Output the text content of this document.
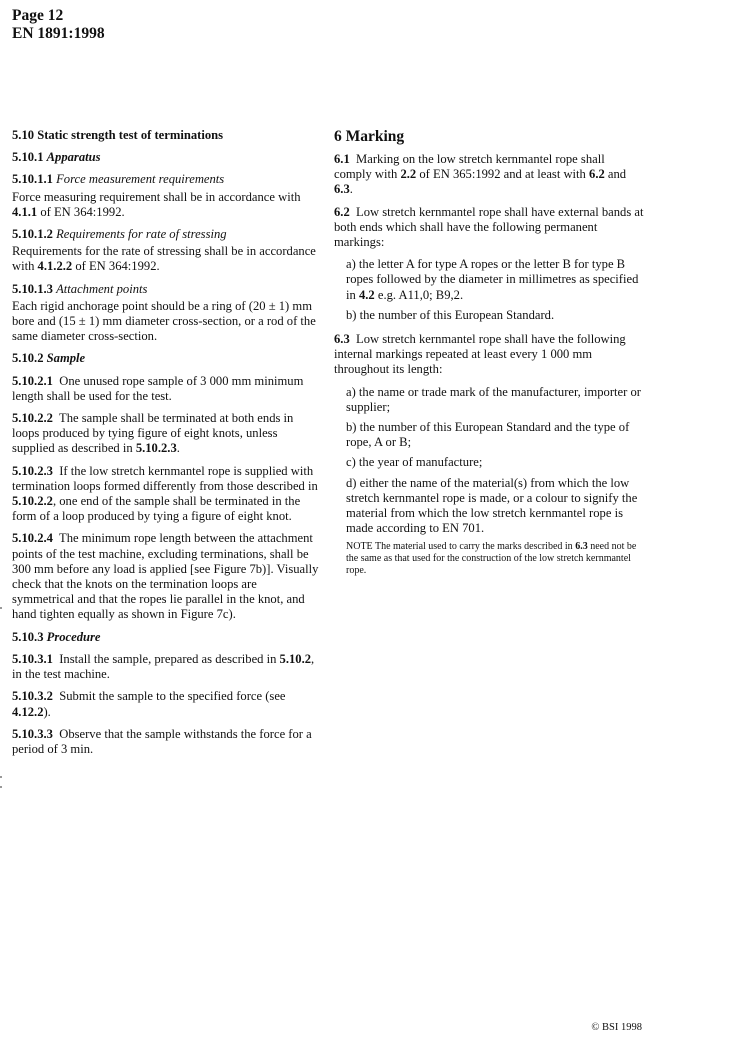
Page 12
EN 1891:1998
5.10 Static strength test of terminations
5.10.1 Apparatus

5.10.1.1 Force measurement requirements

Force measuring requirement shall be in accordance with 4.1.1 of EN 364:1992.

5.10.1.2 Requirements for rate of stressing

Requirements for the rate of stressing shall be in accordance with 4.1.2.2 of EN 364:1992.

5.10.1.3 Attachment points

Each rigid anchorage point should be a ring of (20 ± 1) mm bore and (15 ± 1) mm diameter cross-section, or a rod of the same diameter cross-section.

5.10.2 Sample

5.10.2.1 One unused rope sample of 3 000 mm minimum length shall be used for the test.

5.10.2.2 The sample shall be terminated at both ends in loops produced by tying figure of eight knots, unless supplied as described in 5.10.2.3.

5.10.2.3 If the low stretch kernmantel rope is supplied with termination loops formed differently from those described in 5.10.2.2, one end of the sample shall be terminated in the form of a loop produced by tying a figure of eight knot.

5.10.2.4 The minimum rope length between the attachment points of the test machine, excluding terminations, shall be 300 mm before any load is applied [see Figure 7b)]. Visually check that the knots on the termination loops are symmetrical and that the ropes lie parallel in the knot, and hand tighten equally as shown in Figure 7c).

5.10.3 Procedure

5.10.3.1 Install the sample, prepared as described in 5.10.2, in the test machine.

5.10.3.2 Submit the sample to the specified force (see 4.12.2).

5.10.3.3 Observe that the sample withstands the force for a period of 3 min.

6 Marking

6.1 Marking on the low stretch kernmantel rope shall comply with 2.2 of EN 365:1992 and at least with 6.2 and 6.3.

6.2 Low stretch kernmantel rope shall have external bands at both ends which shall have the following permanent markings:

a) the letter A for type A ropes or the letter B for type B ropes followed by the diameter in millimetres as specified in 4.2 e.g. A11,0; B9,2.

b) the number of this European Standard.

6.3 Low stretch kernmantel rope shall have the following internal markings repeated at least every 1 000 mm throughout its length:

a) the name or trade mark of the manufacturer, importer or supplier;

b) the number of this European Standard and the type of rope, A or B;

c) the year of manufacture;

d) either the name of the material(s) from which the low stretch kernmantel rope is made, or a colour to signify the material from which the low stretch kernmantel rope is made according to EN 701.

NOTE The material used to carry the marks described in 6.3 need not be the same as that used for the construction of the low stretch kernmantel rope.

© BSI 1998
